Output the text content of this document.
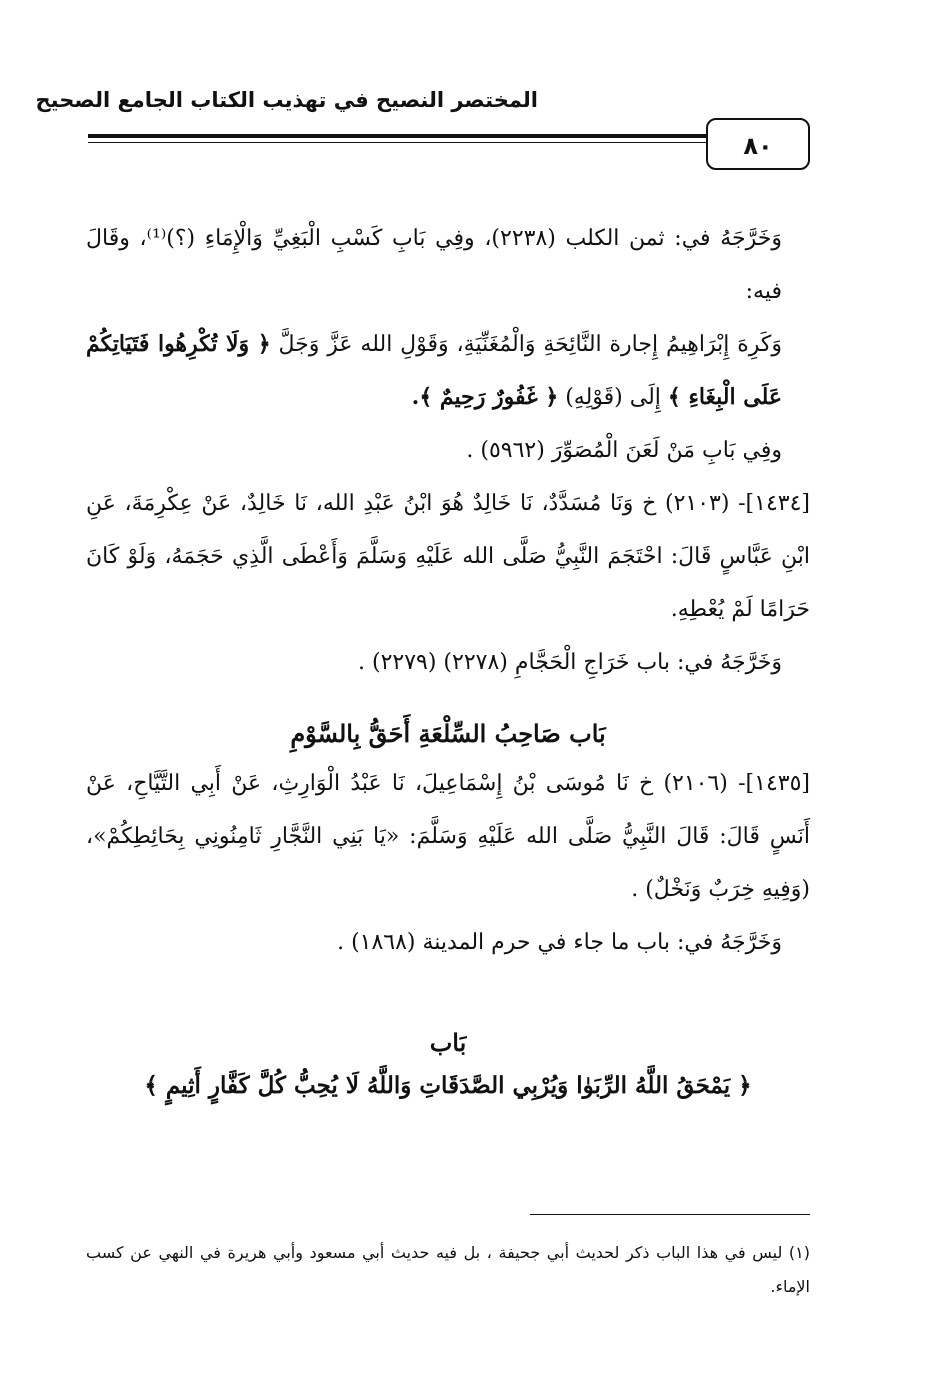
المختصر النصيح في تهذيب الكتاب الجامع الصحيح
٨٠

وَخَرَّجَهُ في: ثمن الكلب (٢٢٣٨)، وفِي بَابِ كَسْبِ الْبَغِيِّ وَالْإِمَاءِ (؟)⁽¹⁾، وقَالَ فيه:

وَكَرِهَ إِبْرَاهِيمُ إِجارة النَّائِحَةِ وَالْمُغَنِّيَةِ، وَقَوْلِ الله عَزَّ وَجَلَّ ﴿ وَلَا تُكْرِهُوا فَتَيَاتِكُمْ عَلَى الْبِغَاءِ ﴾ إِلَى (قَوْلِهِ) ﴿ غَفُورٌ رَحِيمٌ ﴾.

وفِي بَابِ مَنْ لَعَنَ الْمُصَوِّرَ (٥٩٦٢) .

[١٤٣٤]- (٢١٠٣) خ وَنَا مُسَدَّدٌ، نَا خَالِدٌ هُوَ ابْنُ عَبْدِ الله، نَا خَالِدٌ، عَنْ عِكْرِمَةَ، عَنِ ابْنِ عَبَّاسٍ قَالَ: احْتَجَمَ النَّبِيُّ صَلَّى الله عَلَيْهِ وَسَلَّمَ وَأَعْطَى الَّذِي حَجَمَهُ، وَلَوْ كَانَ حَرَامًا لَمْ يُعْطِهِ.

وَخَرَّجَهُ في: باب خَرَاجِ الْحَجَّامِ (٢٢٧٨) (٢٢٧٩) .

بَاب صَاحِبُ السِّلْعَةِ أَحَقُّ بِالسَّوْمِ

[١٤٣٥]- (٢١٠٦) خ نَا مُوسَى بْنُ إِسْمَاعِيلَ، نَا عَبْدُ الْوَارِثِ، عَنْ أَبِي التَّيَّاحِ، عَنْ أَنَسٍ قَالَ: قَالَ النَّبِيُّ صَلَّى الله عَلَيْهِ وَسَلَّمَ: «يَا بَنِي النَّجَّارِ ثَامِنُونِي بِحَائِطِكُمْ»، (وَفِيهِ خِرَبٌ وَنَخْلٌ) .

وَخَرَّجَهُ في: باب ما جاء في حرم المدينة (١٨٦٨) .

بَاب

﴿ يَمْحَقُ اللَّهُ الرِّبَوٰا وَيُرْبِي الصَّدَقَاتِ وَاللَّهُ لَا يُحِبُّ كُلَّ كَفَّارٍ أَثِيمٍ ﴾

(١) ليس في هذا الباب ذكر لحديث أبي جحيفة ، بل فيه حديث أبي مسعود وأبي هريرة في النهي عن كسب الإماء.
